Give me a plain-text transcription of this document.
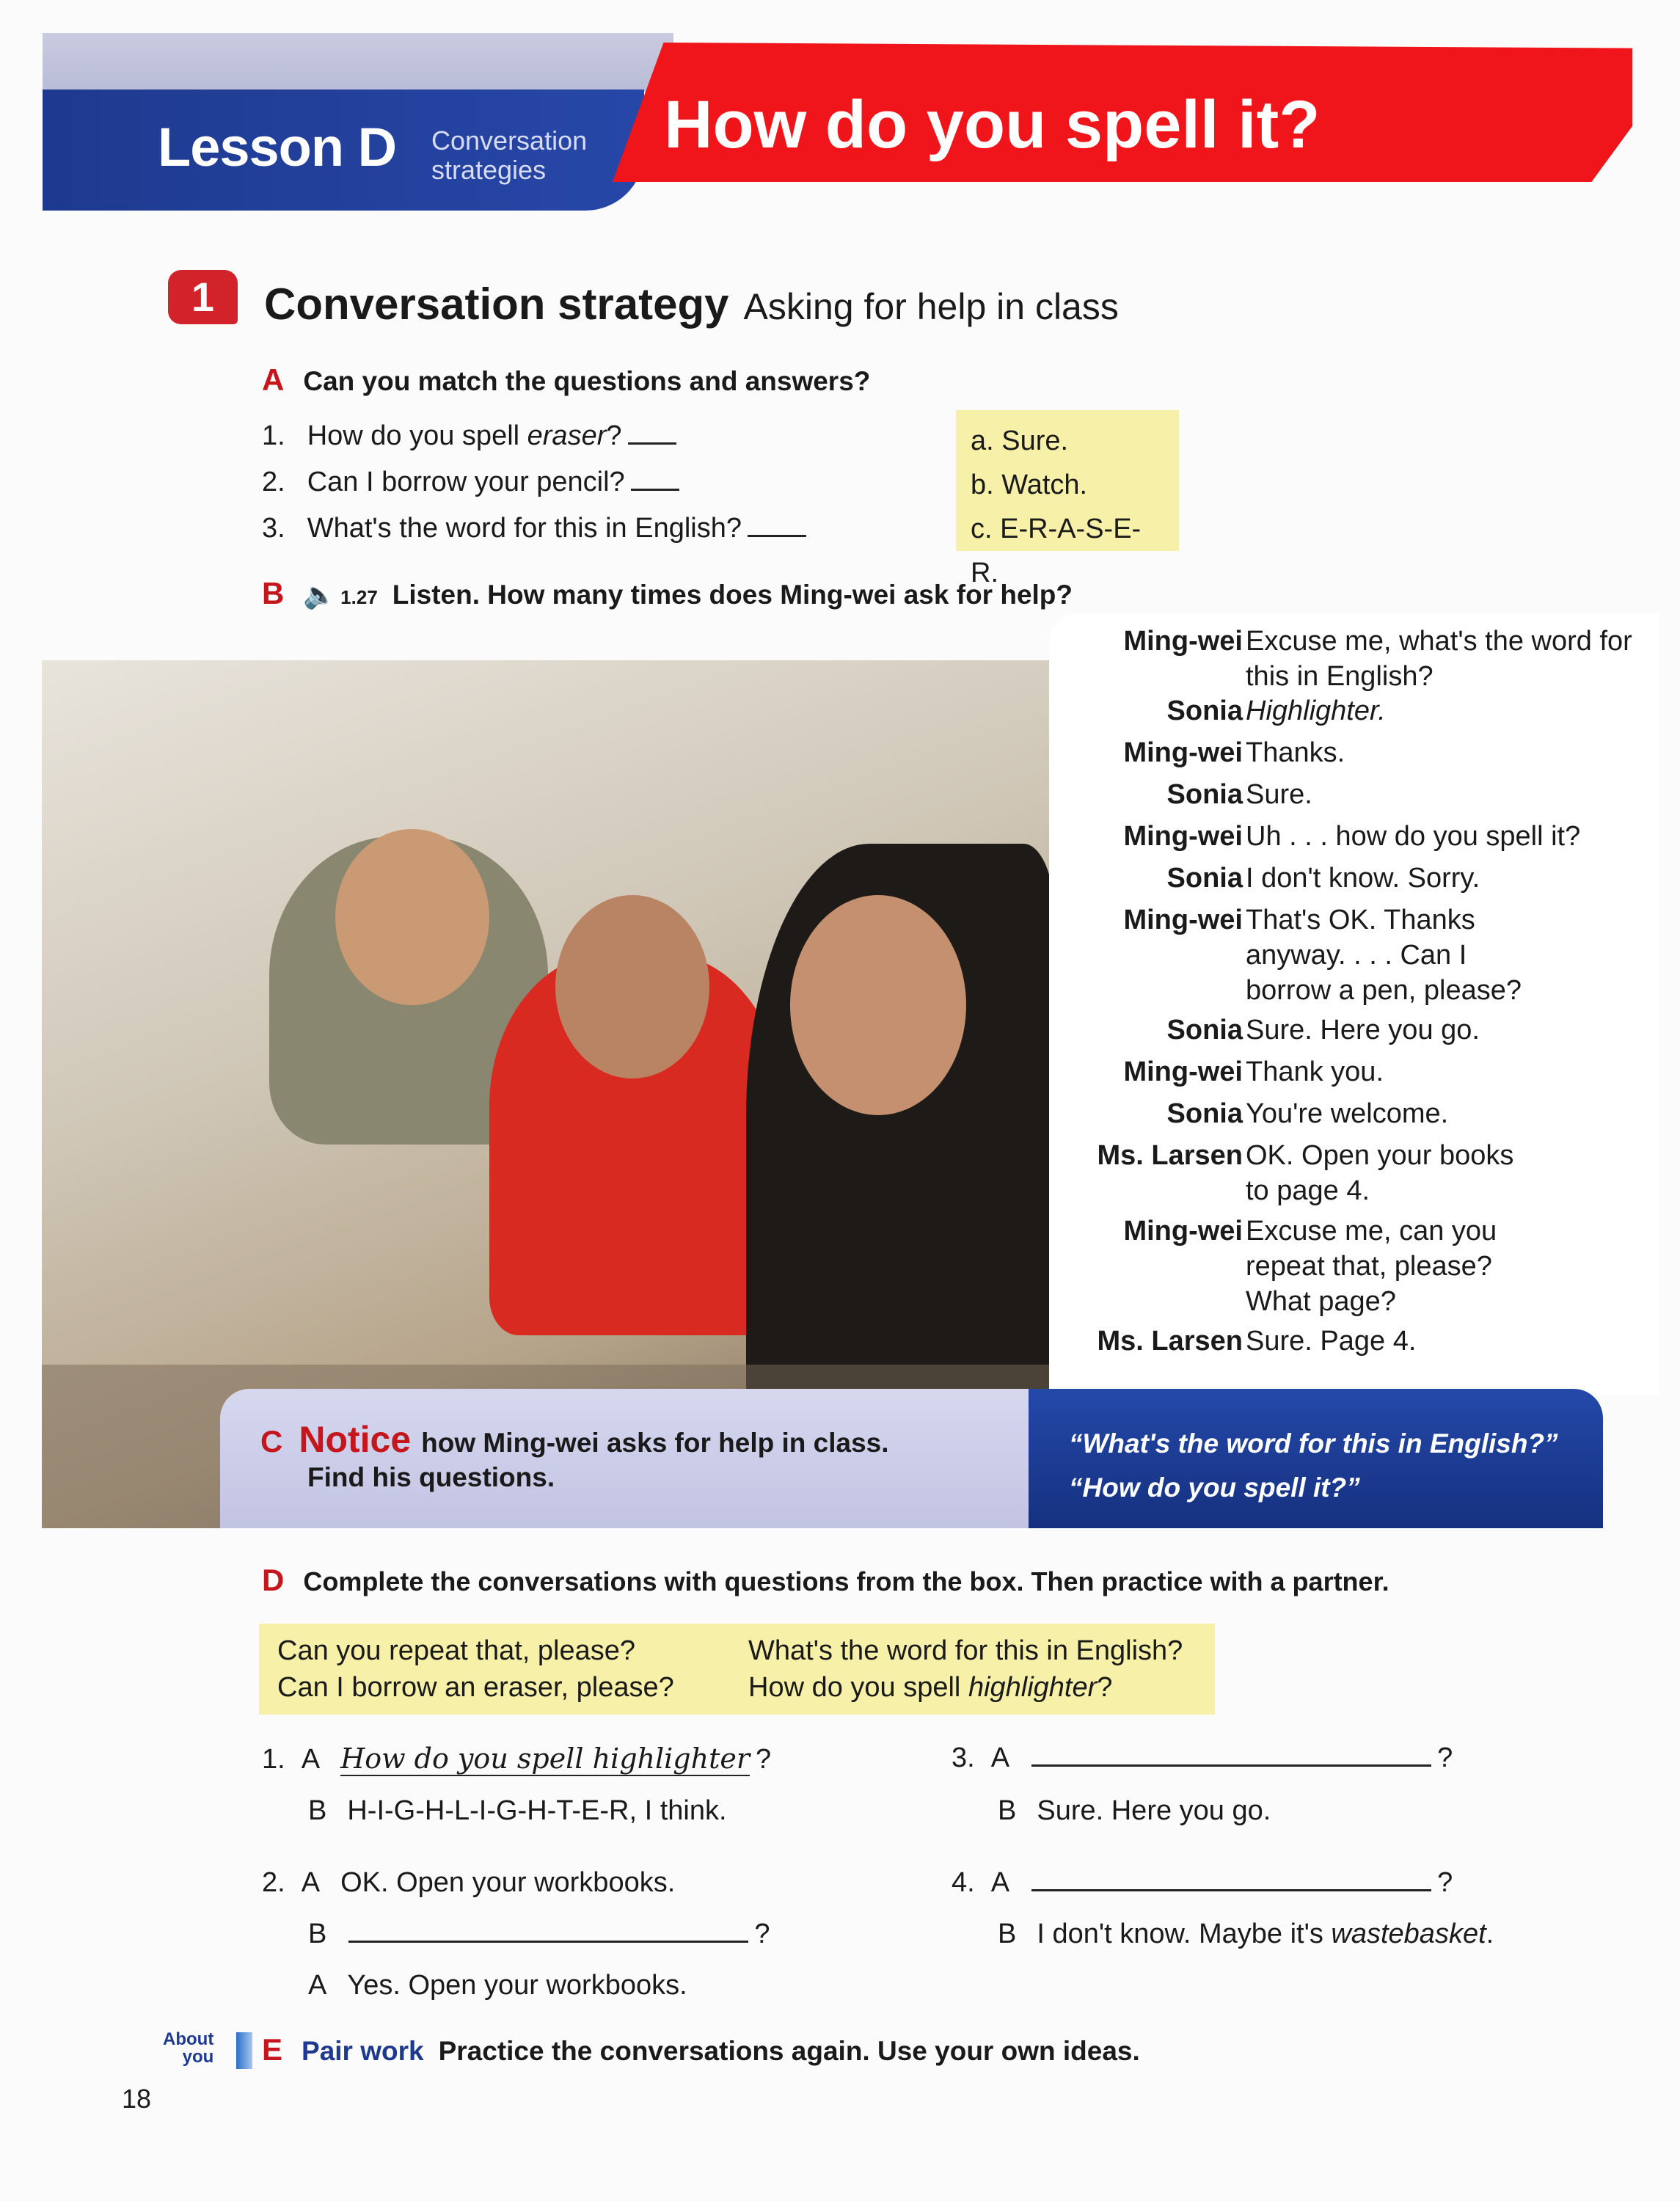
Lesson D Conversation
strategies
How do you spell it?
1	Conversation strategy Asking for help in class
A Can you match the questions and answers?
1. How do you spell eraser?
2. Can I borrow your pencil?
3. What's the word for this in English?
a. Sure.
b. Watch.
c. E-R-A-S-E-R.
B 🔈 1.27 Listen. How many times does Ming-wei ask for help?
Ming-wei Excuse me, what's the word for this in English?
Sonia Highlighter.
Ming-wei Thanks.
Sonia Sure.
Ming-wei Uh . . . how do you spell it?
Sonia I don't know. Sorry.
Ming-wei That's OK. Thanks anyway. . . . Can I borrow a pen, please?
Sonia Sure. Here you go.
Ming-wei Thank you.
Sonia You're welcome.
Ms. Larsen OK. Open your books to page 4.
Ming-wei Excuse me, can you repeat that, please? What page?
Ms. Larsen Sure. Page 4.
C Notice how Ming-wei asks for help in class.
Find his questions.
“What's the word for this in English?”
“How do you spell it?”
D Complete the conversations with questions from the box. Then practice with a partner.
Can you repeat that, please?
Can I borrow an eraser, please?
What's the word for this in English?
How do you spell highlighter?
1. A How do you spell highlighter ?
B H-I-G-H-L-I-G-H-T-E-R, I think.
2. A OK. Open your workbooks.
B	?
A Yes. Open your workbooks.
3. A	?
B Sure. Here you go.
4. A	?
B I don't know. Maybe it's wastebasket.
About
you E Pair work Practice the conversations again. Use your own ideas.
18
